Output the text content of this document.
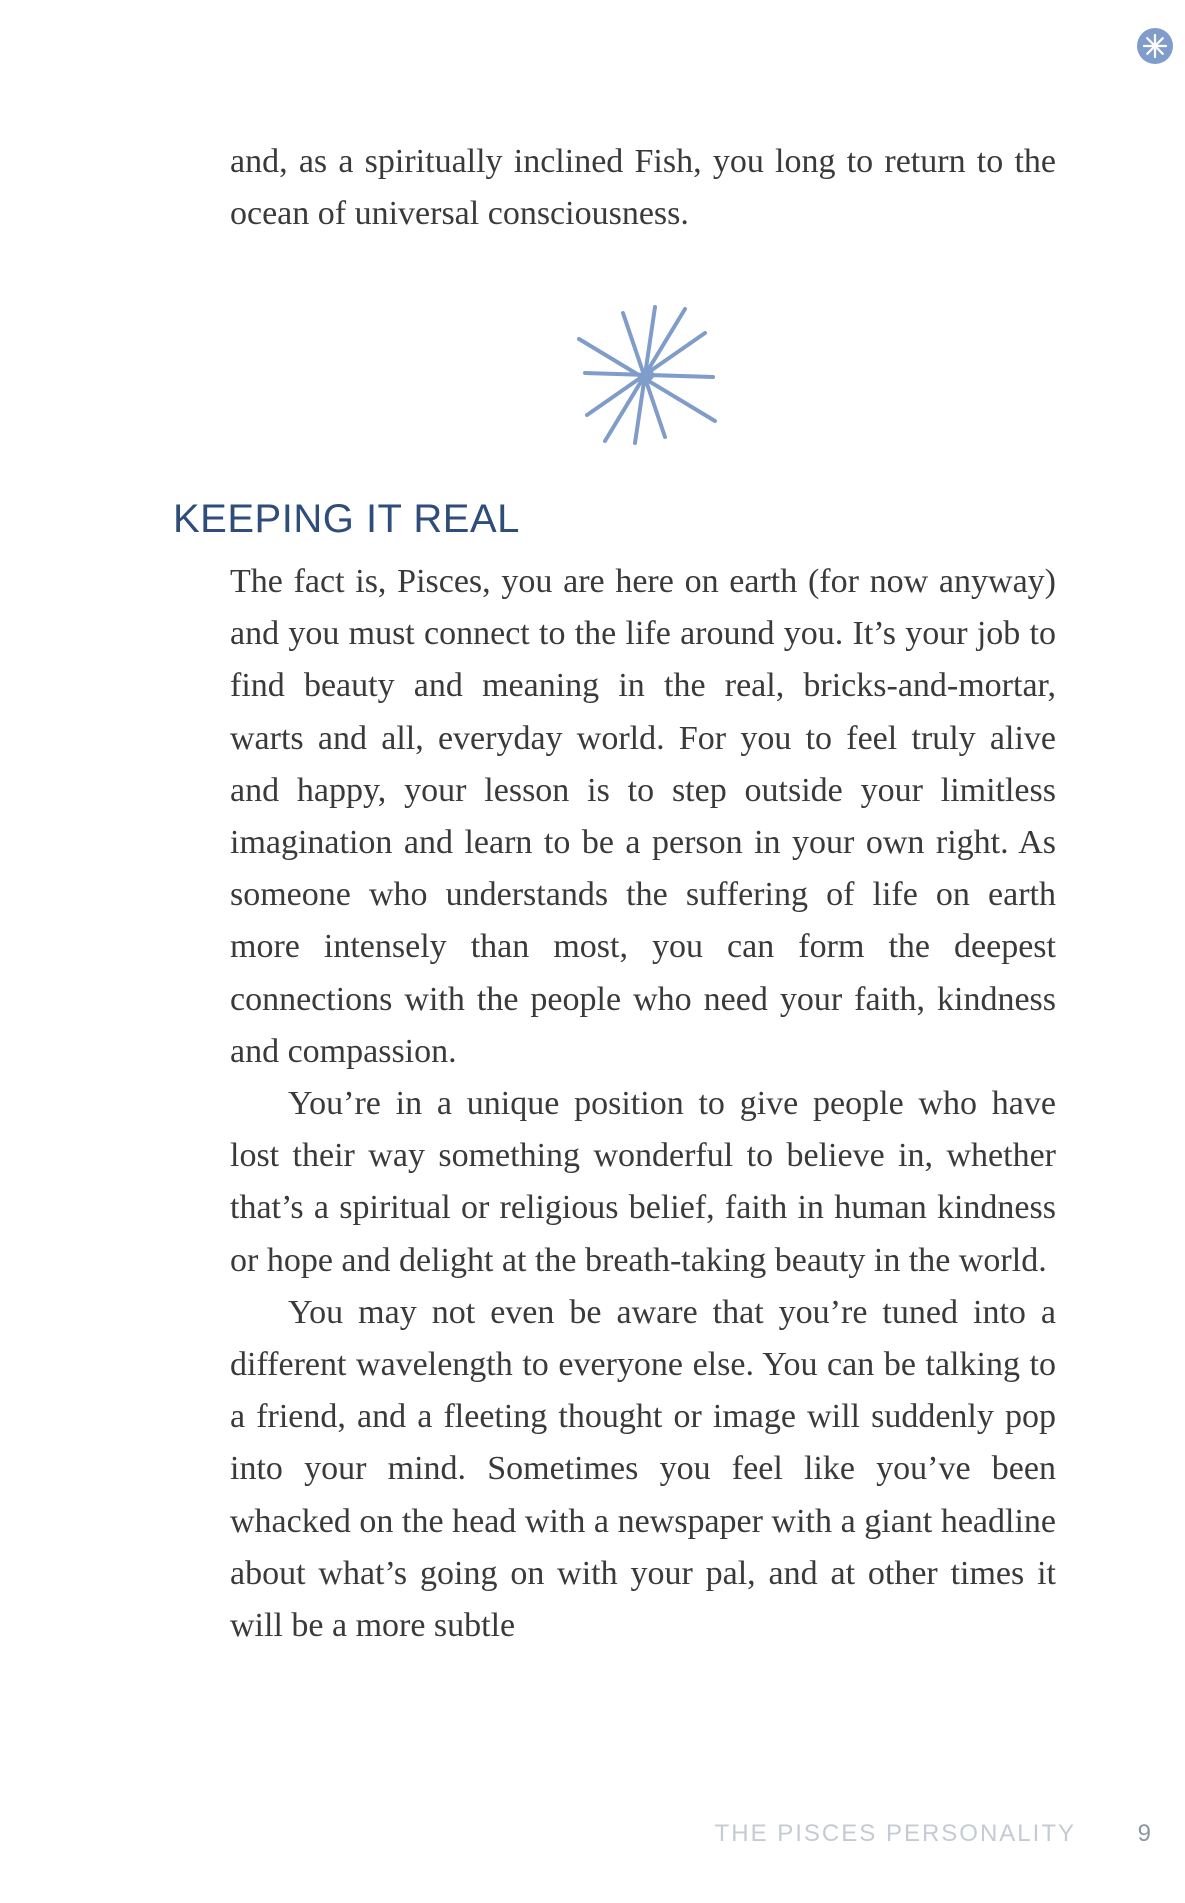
and, as a spiritually inclined Fish, you long to return to the ocean of universal consciousness.

KEEPING IT REAL

The fact is, Pisces, you are here on earth (for now anyway) and you must connect to the life around you. It’s your job to find beauty and meaning in the real, bricks-and-mortar, warts and all, everyday world. For you to feel truly alive and happy, your lesson is to step outside your limitless imagination and learn to be a person in your own right. As someone who understands the suffering of life on earth more intensely than most, you can form the deepest connections with the people who need your faith, kindness and compassion.

You’re in a unique position to give people who have lost their way something wonderful to believe in, whether that’s a spiritual or religious belief, faith in human kindness or hope and delight at the breath-taking beauty in the world.

You may not even be aware that you’re tuned into a different wavelength to everyone else. You can be talking to a friend, and a fleeting thought or image will suddenly pop into your mind. Sometimes you feel like you’ve been whacked on the head with a newspaper with a giant headline about what’s going on with your pal, and at other times it will be a more subtle

THE PISCES PERSONALITY	9
